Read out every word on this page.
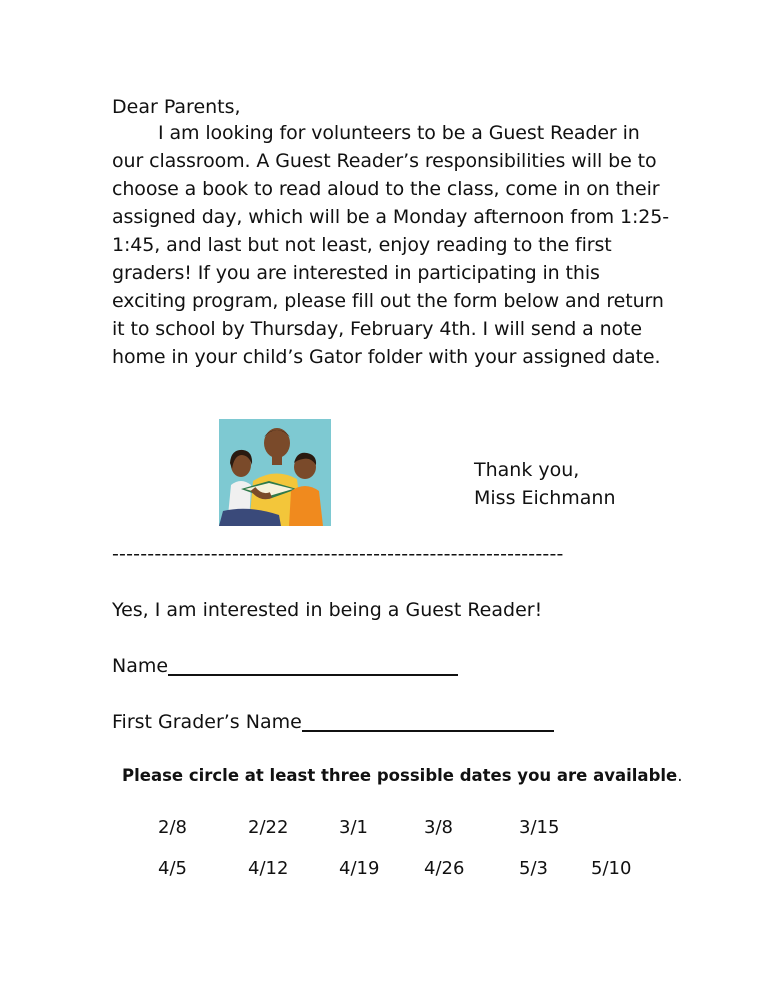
Dear Parents,

I am looking for volunteers to be a Guest Reader in our classroom. A Guest Reader’s responsibilities will be to choose a book to read aloud to the class, come in on their assigned day, which will be a Monday afternoon from 1:25-1:45, and last but not least, enjoy reading to the first graders! If you are interested in participating in this exciting program, please fill out the form below and return it to school by Thursday, February 4th. I will send a note home in your child’s Gator folder with your assigned date.

Thank you,
Miss Eichmann
----------------------------------------------------------------
Yes, I am interested in being a Guest Reader!
Name
First Grader’s Name
Please circle at least three possible dates you are available.
2/8	2/22	3/1	3/8	3/15
4/5	4/12	4/19 4/26	5/3 5/10
